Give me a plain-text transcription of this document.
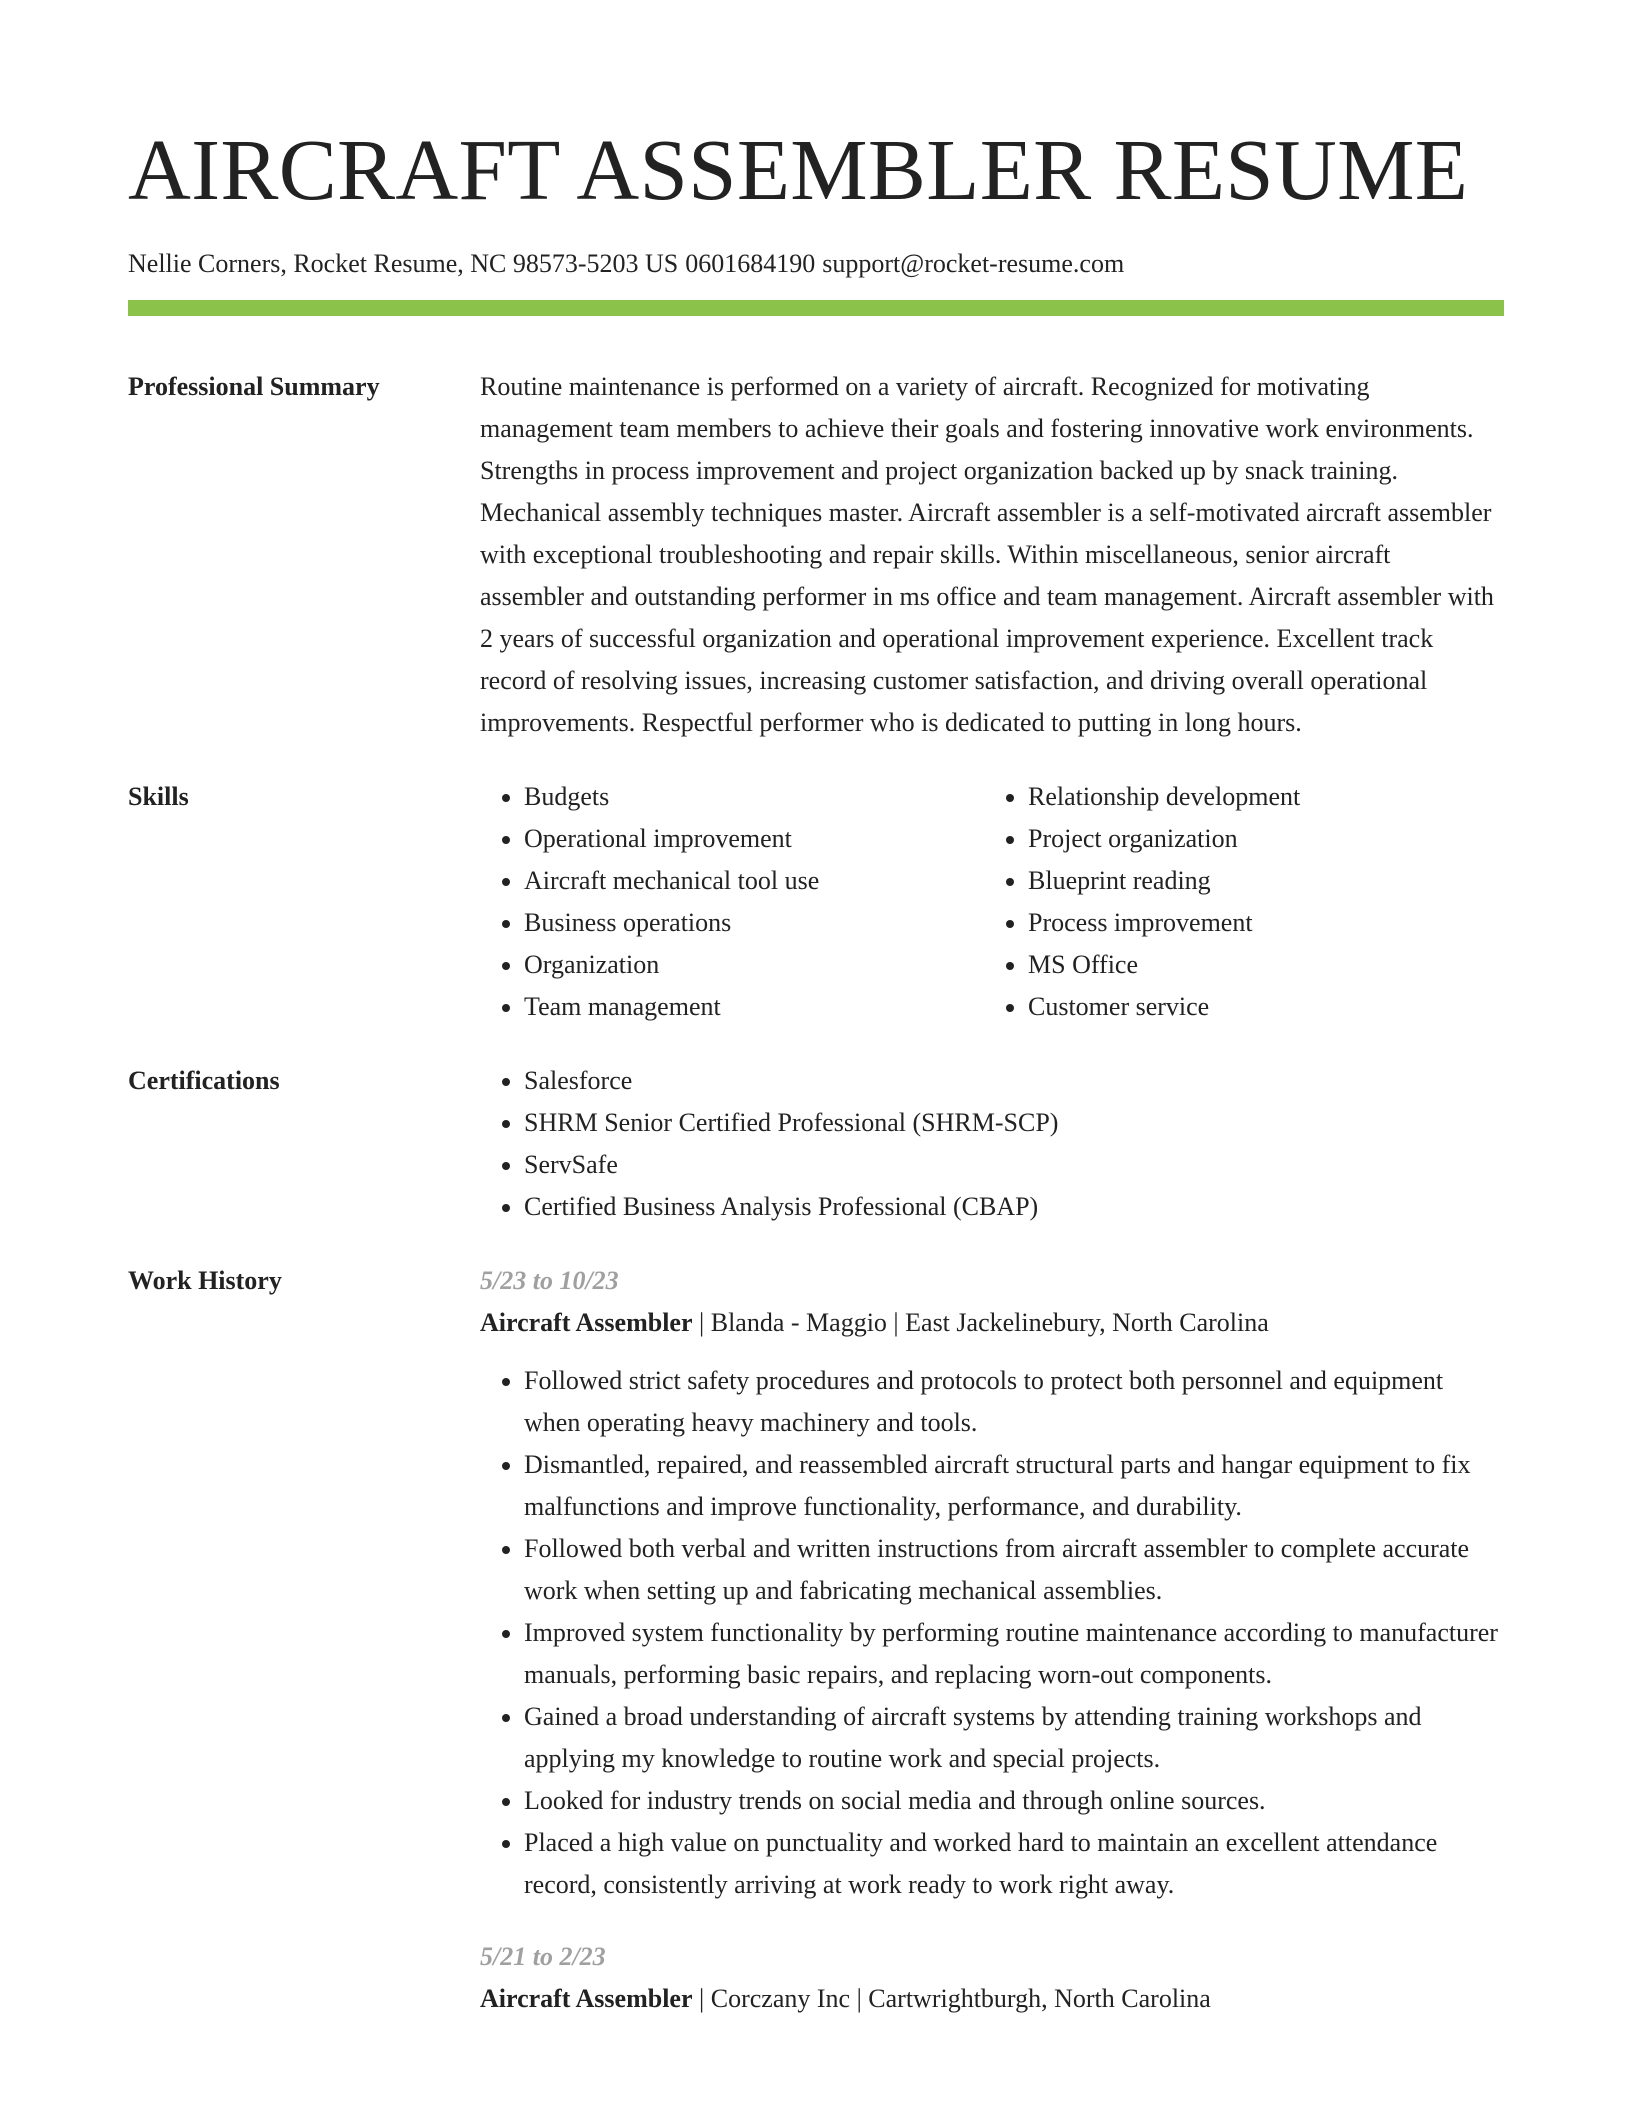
AIRCRAFT ASSEMBLER RESUME
Nellie Corners, Rocket Resume, NC 98573-5203 US 0601684190 support@rocket-resume.com
Professional Summary	Routine maintenance is performed on a variety of aircraft. Recognized for motivating management team members to achieve their goals and fostering innovative work environments. Strengths in process improvement and project organization backed up by snack training. Mechanical assembly techniques master. Aircraft assembler is a self-motivated aircraft assembler with exceptional troubleshooting and repair skills. Within miscellaneous, senior aircraft assembler and outstanding performer in ms office and team management. Aircraft assembler with 2 years of successful organization and operational improvement experience. Excellent track record of resolving issues, increasing customer satisfaction, and driving overall operational improvements. Respectful performer who is dedicated to putting in long hours.

Skills	• Budgets
• Operational improvement
• Aircraft mechanical tool use
• Business operations
• Organization
• Team management
• Relationship development
• Project organization
• Blueprint reading
• Process improvement
• MS Office
• Customer service
Certifications	• Salesforce
• SHRM Senior Certified Professional (SHRM-SCP)
• ServSafe
• Certified Business Analysis Professional (CBAP)
Work History	5/23 to 10/23
Aircraft Assembler | Blanda - Maggio | East Jackelinebury, North Carolina
• Followed strict safety procedures and protocols to protect both personnel and equipment when operating heavy machinery and tools.
• Dismantled, repaired, and reassembled aircraft structural parts and hangar equipment to fix malfunctions and improve functionality, performance, and durability.
• Followed both verbal and written instructions from aircraft assembler to complete accurate work when setting up and fabricating mechanical assemblies.
• Improved system functionality by performing routine maintenance according to manufacturer manuals, performing basic repairs, and replacing worn-out components.
• Gained a broad understanding of aircraft systems by attending training workshops and applying my knowledge to routine work and special projects.
• Looked for industry trends on social media and through online sources.
• Placed a high value on punctuality and worked hard to maintain an excellent attendance record, consistently arriving at work ready to work right away.
5/21 to 2/23
Aircraft Assembler | Corczany Inc | Cartwrightburgh, North Carolina
